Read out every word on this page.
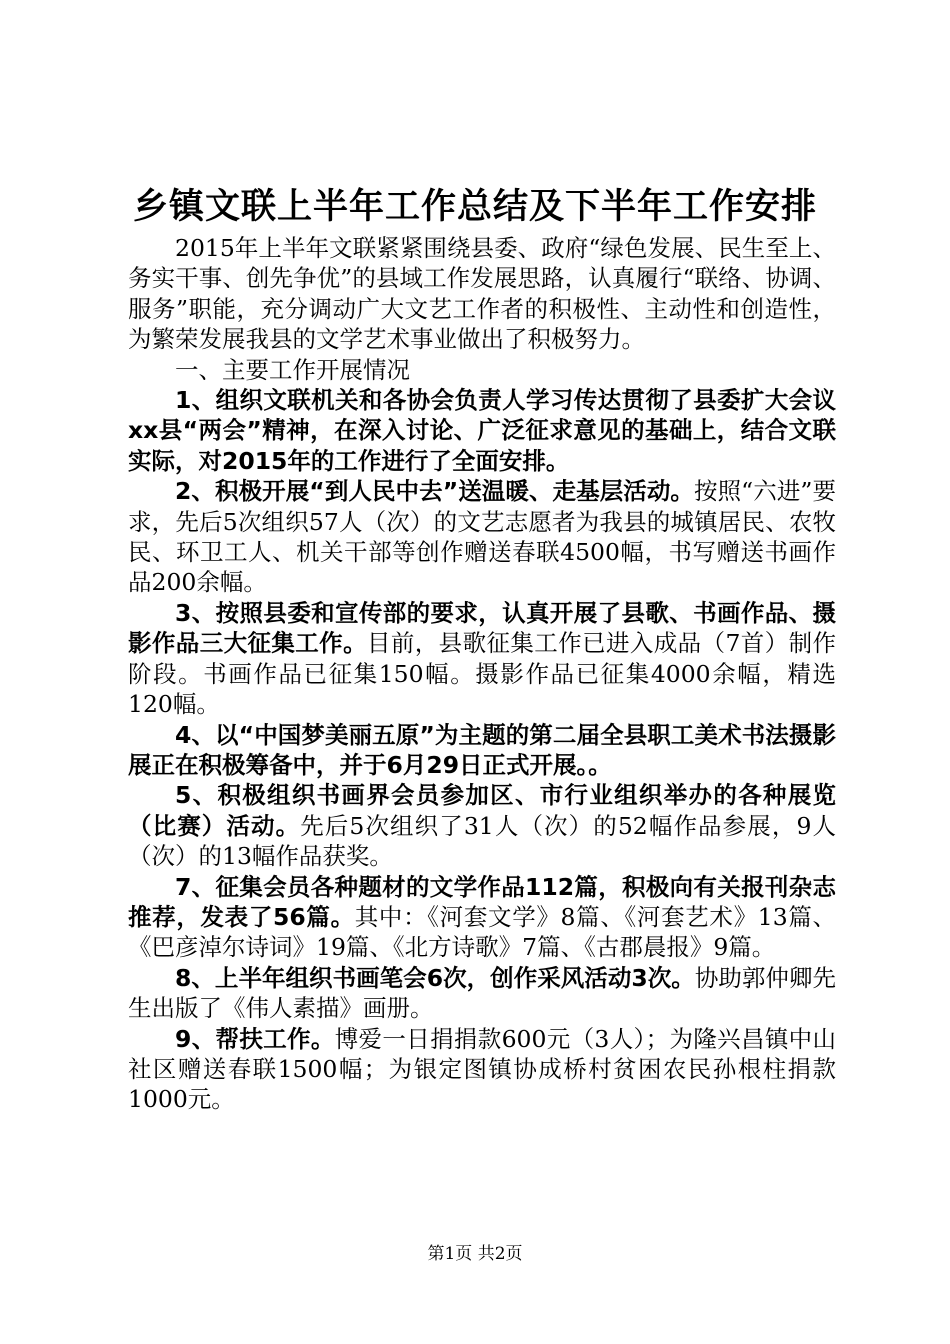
乡镇文联上半年工作总结及下半年工作安排

2015年上半年文联紧紧围绕县委、政府“绿色发展、民生至上、务实干事、创先争优”的县域工作发展思路，认真履行“联络、协调、服务”职能，充分调动广大文艺工作者的积极性、主动性和创造性，为繁荣发展我县的文学艺术事业做出了积极努力。

一、主要工作开展情况

1、组织文联机关和各协会负责人学习传达贯彻了县委扩大会议xx县“两会”精神，在深入讨论、广泛征求意见的基础上，结合文联实际，对2015年的工作进行了全面安排。

2、积极开展“到人民中去”送温暖、走基层活动。按照“六进”要求，先后5次组织57人（次）的文艺志愿者为我县的城镇居民、农牧民、环卫工人、机关干部等创作赠送春联4500幅，书写赠送书画作品200余幅。

3、按照县委和宣传部的要求，认真开展了县歌、书画作品、摄影作品三大征集工作。目前，县歌征集工作已进入成品（7首）制作阶段。书画作品已征集150幅。摄影作品已征集4000余幅，精选120幅。

4、以“中国梦美丽五原”为主题的第二届全县职工美术书法摄影展正在积极筹备中，并于6月29日正式开展。。

5、积极组织书画界会员参加区、市行业组织举办的各种展览（比赛）活动。先后5次组织了31人（次）的52幅作品参展，9人（次）的13幅作品获奖。

7、征集会员各种题材的文学作品112篇，积极向有关报刊杂志推荐，发表了56篇。其中：《河套文学》8篇、《河套艺术》13篇、《巴彦淖尔诗词》19篇、《北方诗歌》7篇、《古郡晨报》9篇。

8、上半年组织书画笔会6次，创作采风活动3次。协助郭仲卿先生出版了《伟人素描》画册。

9、帮扶工作。博爱一日捐捐款600元（3人）；为隆兴昌镇中山社区赠送春联1500幅；为银定图镇协成桥村贫困农民孙根柱捐款1000元。

第1页 共2页
